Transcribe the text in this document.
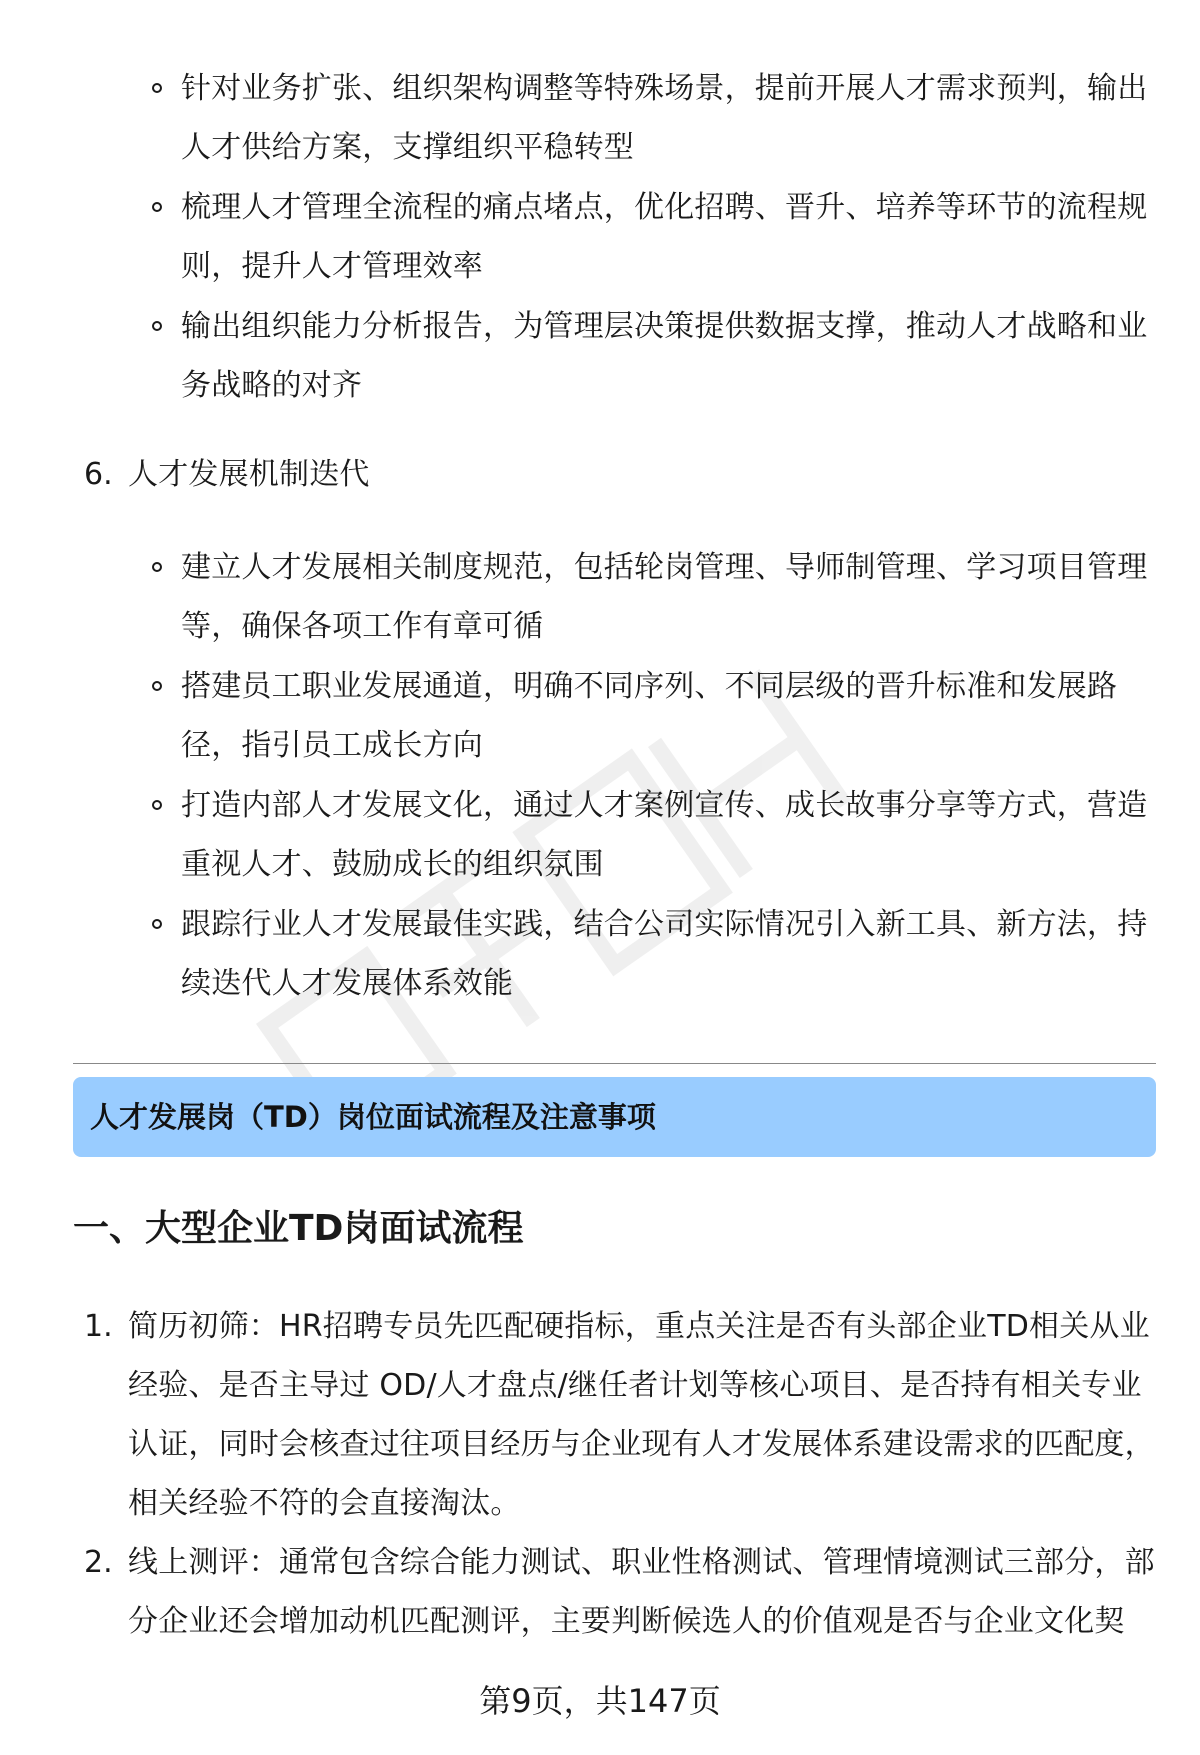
针对业务扩张、组织架构调整等特殊场景，提前开展人才需求预判，输出
人才供给方案，支撑组织平稳转型
梳理人才管理全流程的痛点堵点，优化招聘、晋升、培养等环节的流程规
则，提升人才管理效率
输出组织能力分析报告，为管理层决策提供数据支撑，推动人才战略和业
务战略的对齐
6. 人才发展机制迭代
建立人才发展相关制度规范，包括轮岗管理、导师制管理、学习项目管理
等，确保各项工作有章可循
搭建员工职业发展通道，明确不同序列、不同层级的晋升标准和发展路
径，指引员工成长方向
打造内部人才发展文化，通过人才案例宣传、成长故事分享等方式，营造
重视人才、鼓励成长的组织氛围
跟踪行业人才发展最佳实践，结合公司实际情况引入新工具、新方法，持
续迭代人才发展体系效能
人才发展岗（TD）岗位面试流程及注意事项
一、大型企业TD岗面试流程
1. 简历初筛：HR招聘专员先匹配硬指标，重点关注是否有头部企业TD相关从业
经验、是否主导过 OD/人才盘点/继任者计划等核心项目、是否持有相关专业
认证，同时会核查过往项目经历与企业现有人才发展体系建设需求的匹配度，
相关经验不符的会直接淘汰。
2. 线上测评：通常包含综合能力测试、职业性格测试、管理情境测试三部分，部
分企业还会增加动机匹配测评，主要判断候选人的价值观是否与企业文化契
第9页，共147页
